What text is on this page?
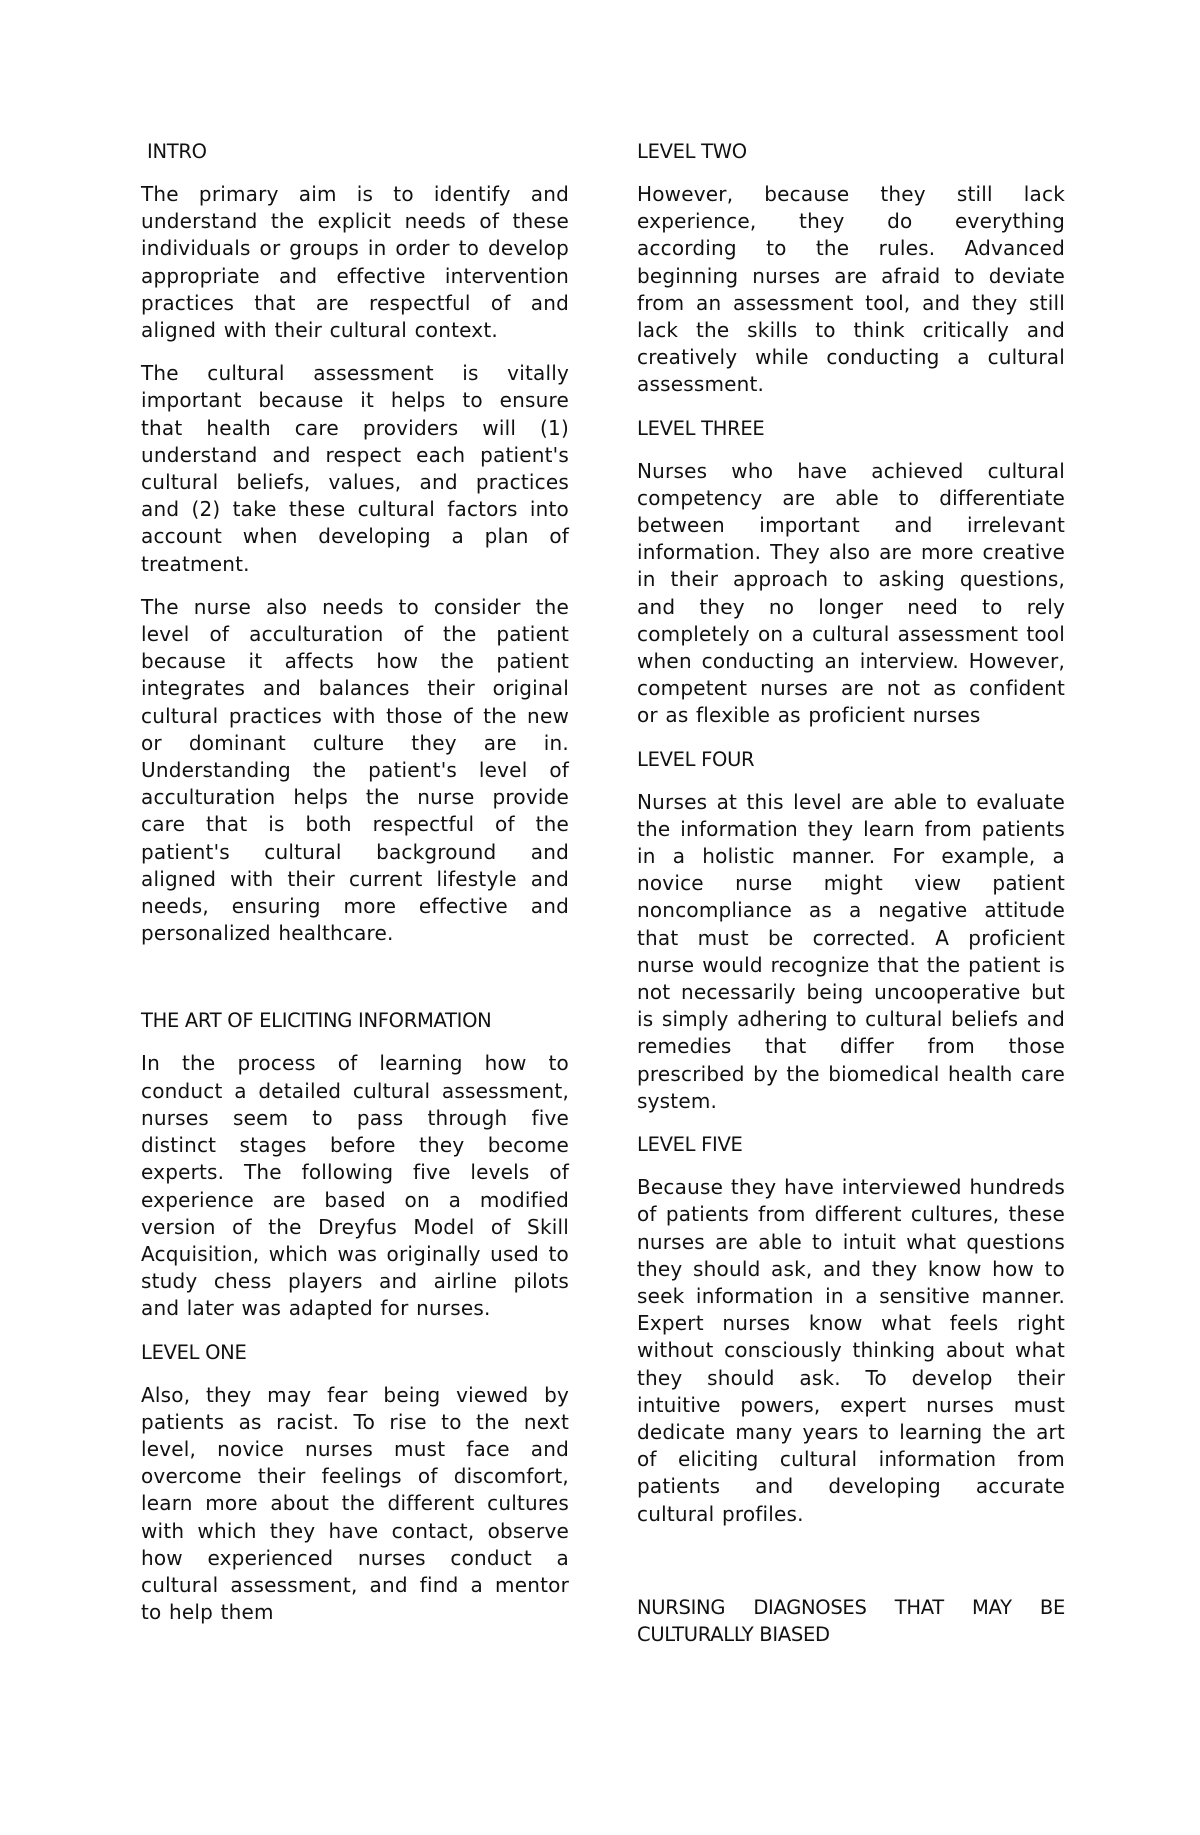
INTRO
The primary aim is to identify and understand the explicit needs of these individuals or groups in order to develop appropriate and effective intervention practices that are respectful of and aligned with their cultural context.
The cultural assessment is vitally important because it helps to ensure that health care providers will (1) understand and respect each patient's cultural beliefs, values, and practices and (2) take these cultural factors into account when developing a plan of treatment.
The nurse also needs to consider the level of acculturation of the patient because it affects how the patient integrates and balances their original cultural practices with those of the new or dominant culture they are in. Understanding the patient's level of acculturation helps the nurse provide care that is both respectful of the patient's cultural background and aligned with their current lifestyle and needs, ensuring more effective and personalized healthcare.
THE ART OF ELICITING INFORMATION
In the process of learning how to conduct a detailed cultural assessment, nurses seem to pass through five distinct stages before they become experts. The following five levels of experience are based on a modified version of the Dreyfus Model of Skill Acquisition, which was originally used to study chess players and airline pilots and later was adapted for nurses.
LEVEL ONE
Also, they may fear being viewed by patients as racist. To rise to the next level, novice nurses must face and overcome their feelings of discomfort, learn more about the different cultures with which they have contact, observe how experienced nurses conduct a cultural assessment, and find a mentor to help them
LEVEL TWO
However, because they still lack experience, they do everything according to the rules. Advanced beginning nurses are afraid to deviate from an assessment tool, and they still lack the skills to think critically and creatively while conducting a cultural assessment.
LEVEL THREE
Nurses who have achieved cultural competency are able to differentiate between important and irrelevant information. They also are more creative in their approach to asking questions, and they no longer need to rely completely on a cultural assessment tool when conducting an interview. However, competent nurses are not as confident or as flexible as proficient nurses
LEVEL FOUR
Nurses at this level are able to evaluate the information they learn from patients in a holistic manner. For example, a novice nurse might view patient noncompliance as a negative attitude that must be corrected. A proficient nurse would recognize that the patient is not necessarily being uncooperative but is simply adhering to cultural beliefs and remedies that differ from those prescribed by the biomedical health care system.
LEVEL FIVE
Because they have interviewed hundreds of patients from different cultures, these nurses are able to intuit what questions they should ask, and they know how to seek information in a sensitive manner. Expert nurses know what feels right without consciously thinking about what they should ask. To develop their intuitive powers, expert nurses must dedicate many years to learning the art of eliciting cultural information from patients and developing accurate cultural profiles.
NURSING DIAGNOSES THAT MAY BE CULTURALLY BIASED
